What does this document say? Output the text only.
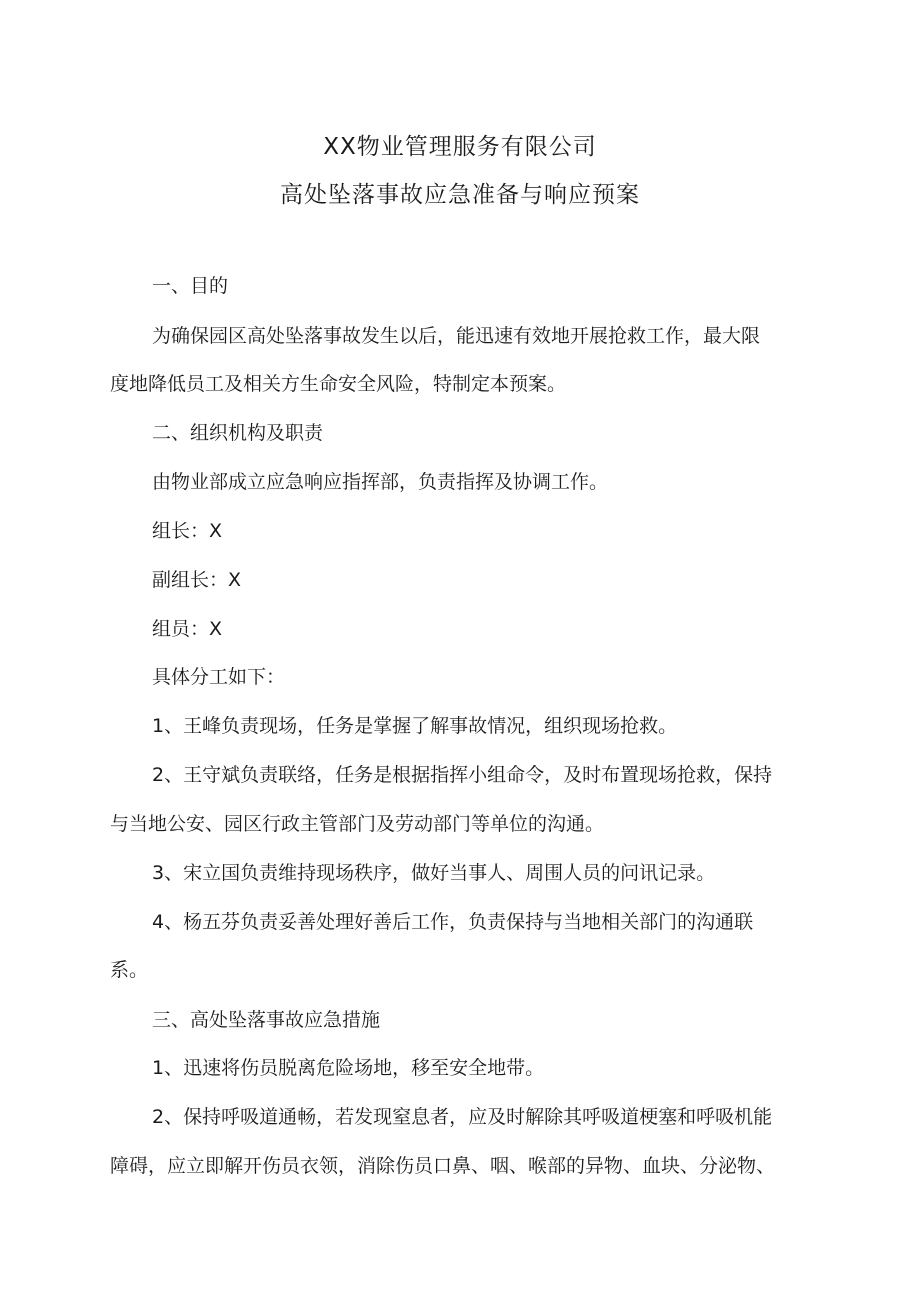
XX物业管理服务有限公司
高处坠落事故应急准备与响应预案
一、目的
为确保园区高处坠落事故发生以后，能迅速有效地开展抢救工作，最大限
度地降低员工及相关方生命安全风险，特制定本预案。
二、组织机构及职责
由物业部成立应急响应指挥部，负责指挥及协调工作。
组长：X
副组长：X
组员：X
具体分工如下：
1、王峰负责现场，任务是掌握了解事故情况，组织现场抢救。
2、王守斌负责联络，任务是根据指挥小组命令，及时布置现场抢救，保持
与当地公安、园区行政主管部门及劳动部门等单位的沟通。
3、宋立国负责维持现场秩序，做好当事人、周围人员的问讯记录。
4、杨五芬负责妥善处理好善后工作，负责保持与当地相关部门的沟通联
系。
三、高处坠落事故应急措施
1、迅速将伤员脱离危险场地，移至安全地带。
2、保持呼吸道通畅，若发现窒息者，应及时解除其呼吸道梗塞和呼吸机能
障碍，应立即解开伤员衣领，消除伤员口鼻、咽、喉部的异物、血块、分泌物、
